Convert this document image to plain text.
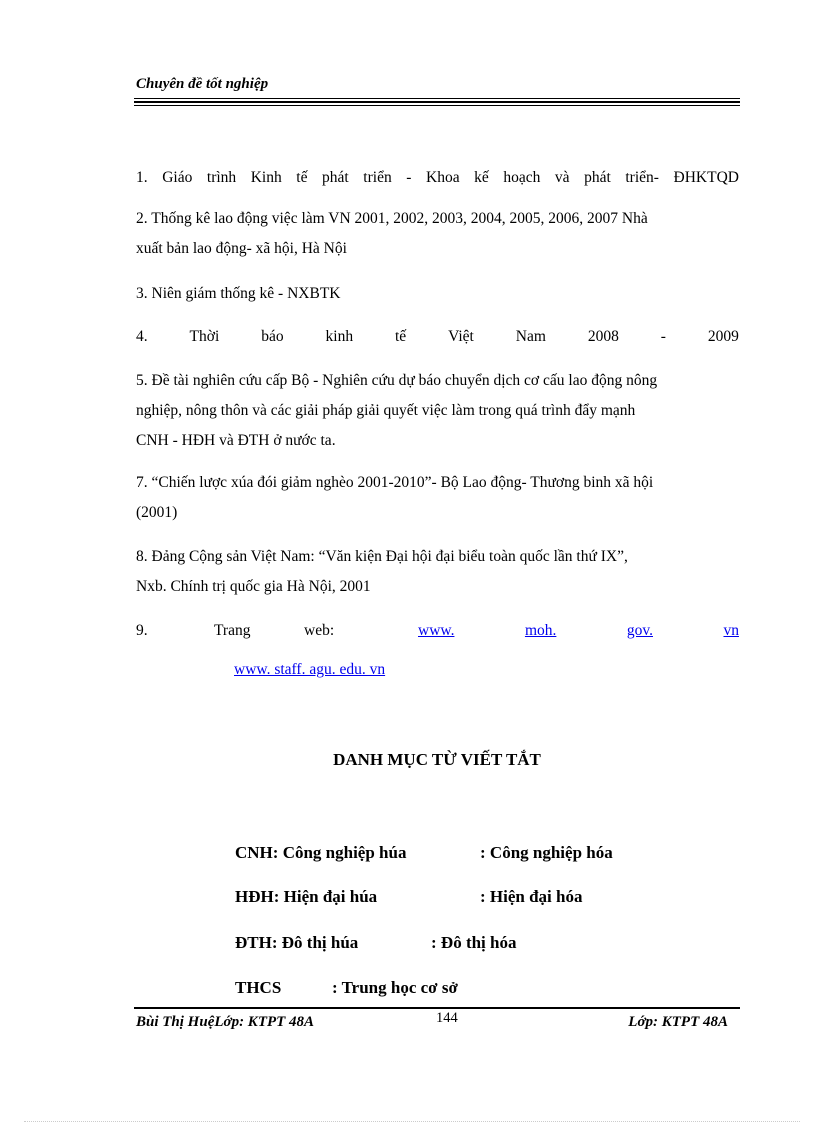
Chuyên đề tốt nghiệp
1. Giáo trình Kinh tế phát triển - Khoa kế hoạch và phát triển- ĐHKTQD
2. Thống kê lao động việc làm VN 2001, 2002, 2003, 2004, 2005, 2006, 2007 Nhà
xuất bản lao động- xã hội, Hà Nội
3. Niên giám thống kê - NXBTK
4.	Thời	báo	kinh	tế	Việt	Nam	2008	-	2009
5. Đề tài nghiên cứu cấp Bộ - Nghiên cứu dự báo chuyển dịch cơ cấu lao động nông
nghiệp, nông thôn và các giải pháp giải quyết việc làm trong quá trình đẩy mạnh
CNH - HĐH và ĐTH ở nước ta.
7. “Chiến lược xúa đói giảm nghèo 2001-2010”- Bộ Lao động- Thương binh xã hội
(2001)
8. Đảng Cộng sản Việt Nam: “Văn kiện Đại hội đại biểu toàn quốc lần thứ IX”,
Nxb. Chính trị quốc gia Hà Nội, 2001
9.	Trang	web:	www.	moh.	gov.	vn
www. staff. agu. edu. vn
DANH MỤC TỪ VIẾT TẮT
CNH: Công nghiệp húa	: Công nghiệp hóa
HĐH: Hiện đại húa	: Hiện đại hóa
ĐTH: Đô thị húa	: Đô thị hóa
THCS	: Trung học cơ sở
Bùi Thị HuệLớp: KTPT 48A	144	Lớp: KTPT 48A
